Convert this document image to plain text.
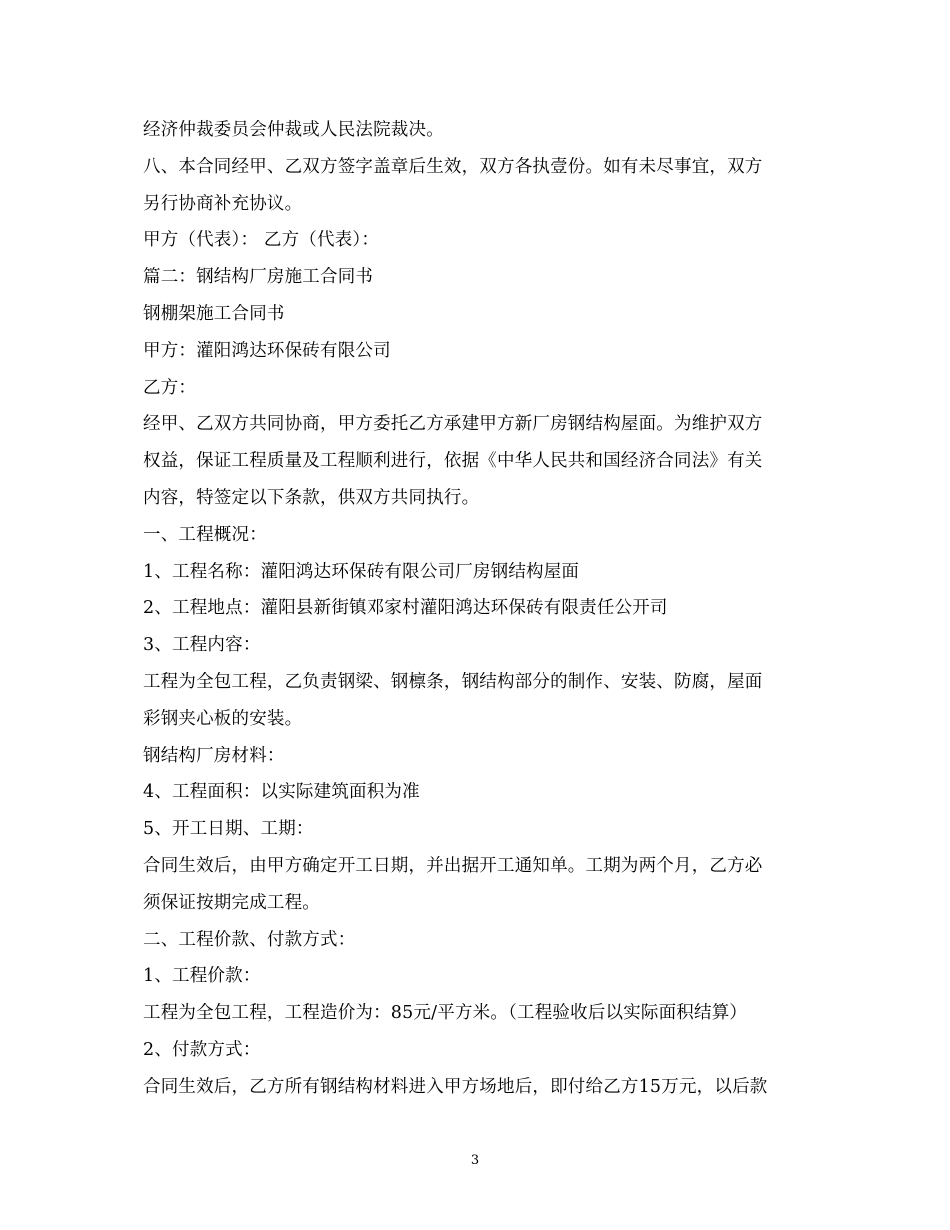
经济仲裁委员会仲裁或人民法院裁决。

八、本合同经甲、乙双方签字盖章后生效，双方各执壹份。如有未尽事宜，双方

另行协商补充协议。

甲方（代表）： 乙方（代表）：

篇二：钢结构厂房施工合同书

钢棚架施工合同书

甲方：灌阳鸿达环保砖有限公司

乙方：

经甲、乙双方共同协商，甲方委托乙方承建甲方新厂房钢结构屋面。为维护双方

权益，保证工程质量及工程顺利进行，依据《中华人民共和国经济合同法》有关

内容，特签定以下条款，供双方共同执行。

一、工程概况：

1、工程名称：灌阳鸿达环保砖有限公司厂房钢结构屋面

2、工程地点：灌阳县新街镇邓家村灌阳鸿达环保砖有限责任公开司

3、工程内容：

工程为全包工程，乙负责钢梁、钢檩条，钢结构部分的制作、安装、防腐，屋面

彩钢夹心板的安装。

钢结构厂房材料：

4、工程面积：以实际建筑面积为准

5、开工日期、工期：

合同生效后，由甲方确定开工日期，并出据开工通知单。工期为两个月，乙方必

须保证按期完成工程。

二、工程价款、付款方式：

1、工程价款：

工程为全包工程，工程造价为：85元/平方米。（工程验收后以实际面积结算）

2、付款方式：

合同生效后，乙方所有钢结构材料进入甲方场地后，即付给乙方15万元，以后款

3
